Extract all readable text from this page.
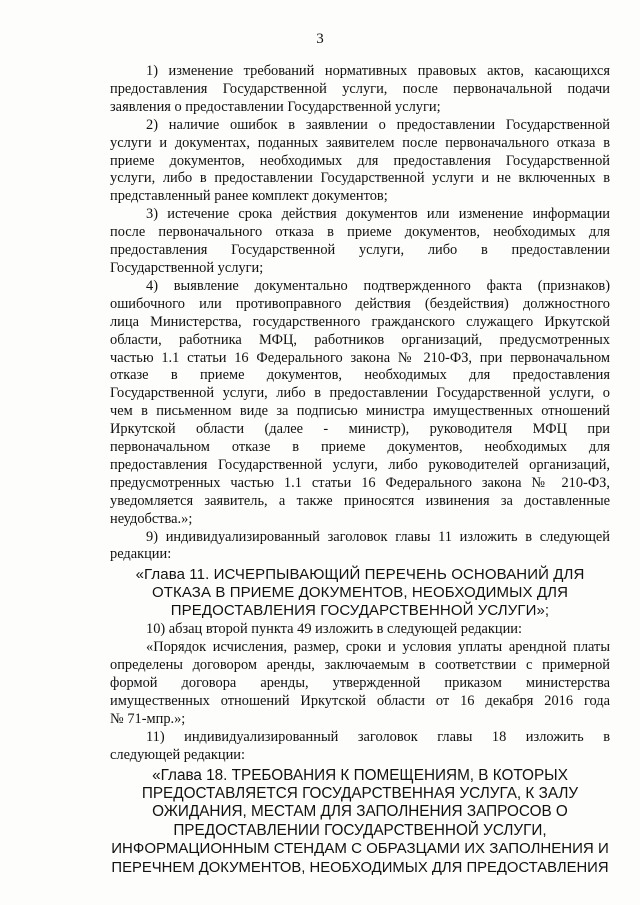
3
1) изменение требований нормативных правовых актов, касающихся
предоставления Государственной услуги, после первоначальной подачи
заявления о предоставлении Государственной услуги;
2) наличие ошибок в заявлении о предоставлении Государственной
услуги и документах, поданных заявителем после первоначального отказа в
приеме документов, необходимых для предоставления Государственной
услуги, либо в предоставлении Государственной услуги и не включенных в
представленный ранее комплект документов;
3) истечение срока действия документов или изменение информации
после первоначального отказа в приеме документов, необходимых для
предоставления Государственной услуги, либо в предоставлении
Государственной услуги;
4) выявление документально подтвержденного факта (признаков)
ошибочного или противоправного действия (бездействия) должностного
лица Министерства, государственного гражданского служащего Иркутской
области, работника МФЦ, работников организаций, предусмотренных
частью 1.1 статьи 16 Федерального закона № 210-ФЗ, при первоначальном
отказе в приеме документов, необходимых для предоставления
Государственной услуги, либо в предоставлении Государственной услуги, о
чем в письменном виде за подписью министра имущественных отношений
Иркутской области (далее - министр), руководителя МФЦ при
первоначальном отказе в приеме документов, необходимых для
предоставления Государственной услуги, либо руководителей организаций,
предусмотренных частью 1.1 статьи 16 Федерального закона № 210-ФЗ,
уведомляется заявитель, а также приносятся извинения за доставленные
неудобства.»;
9) индивидуализированный заголовок главы 11 изложить в следующей
редакции:
«Глава 11. ИСЧЕРПЫВАЮЩИЙ ПЕРЕЧЕНЬ ОСНОВАНИЙ ДЛЯ
ОТКАЗА В ПРИЕМЕ ДОКУМЕНТОВ, НЕОБХОДИМЫХ ДЛЯ
ПРЕДОСТАВЛЕНИЯ ГОСУДАРСТВЕННОЙ УСЛУГИ»;
10) абзац второй пункта 49 изложить в следующей редакции:
«Порядок исчисления, размер, сроки и условия уплаты арендной платы
определены договором аренды, заключаемым в соответствии с примерной
формой договора аренды, утвержденной приказом министерства
имущественных отношений Иркутской области от 16 декабря 2016 года
№ 71-мпр.»;
11) индивидуализированный заголовок главы 18 изложить в
следующей редакции:
«Глава 18. ТРЕБОВАНИЯ К ПОМЕЩЕНИЯМ, В КОТОРЫХ
ПРЕДОСТАВЛЯЕТСЯ ГОСУДАРСТВЕННАЯ УСЛУГА, К ЗАЛУ
ОЖИДАНИЯ, МЕСТАМ ДЛЯ ЗАПОЛНЕНИЯ ЗАПРОСОВ О
ПРЕДОСТАВЛЕНИИ ГОСУДАРСТВЕННОЙ УСЛУГИ,
ИНФОРМАЦИОННЫМ СТЕНДАМ С ОБРАЗЦАМИ ИХ ЗАПОЛНЕНИЯ И
ПЕРЕЧНЕМ ДОКУМЕНТОВ, НЕОБХОДИМЫХ ДЛЯ ПРЕДОСТАВЛЕНИЯ
